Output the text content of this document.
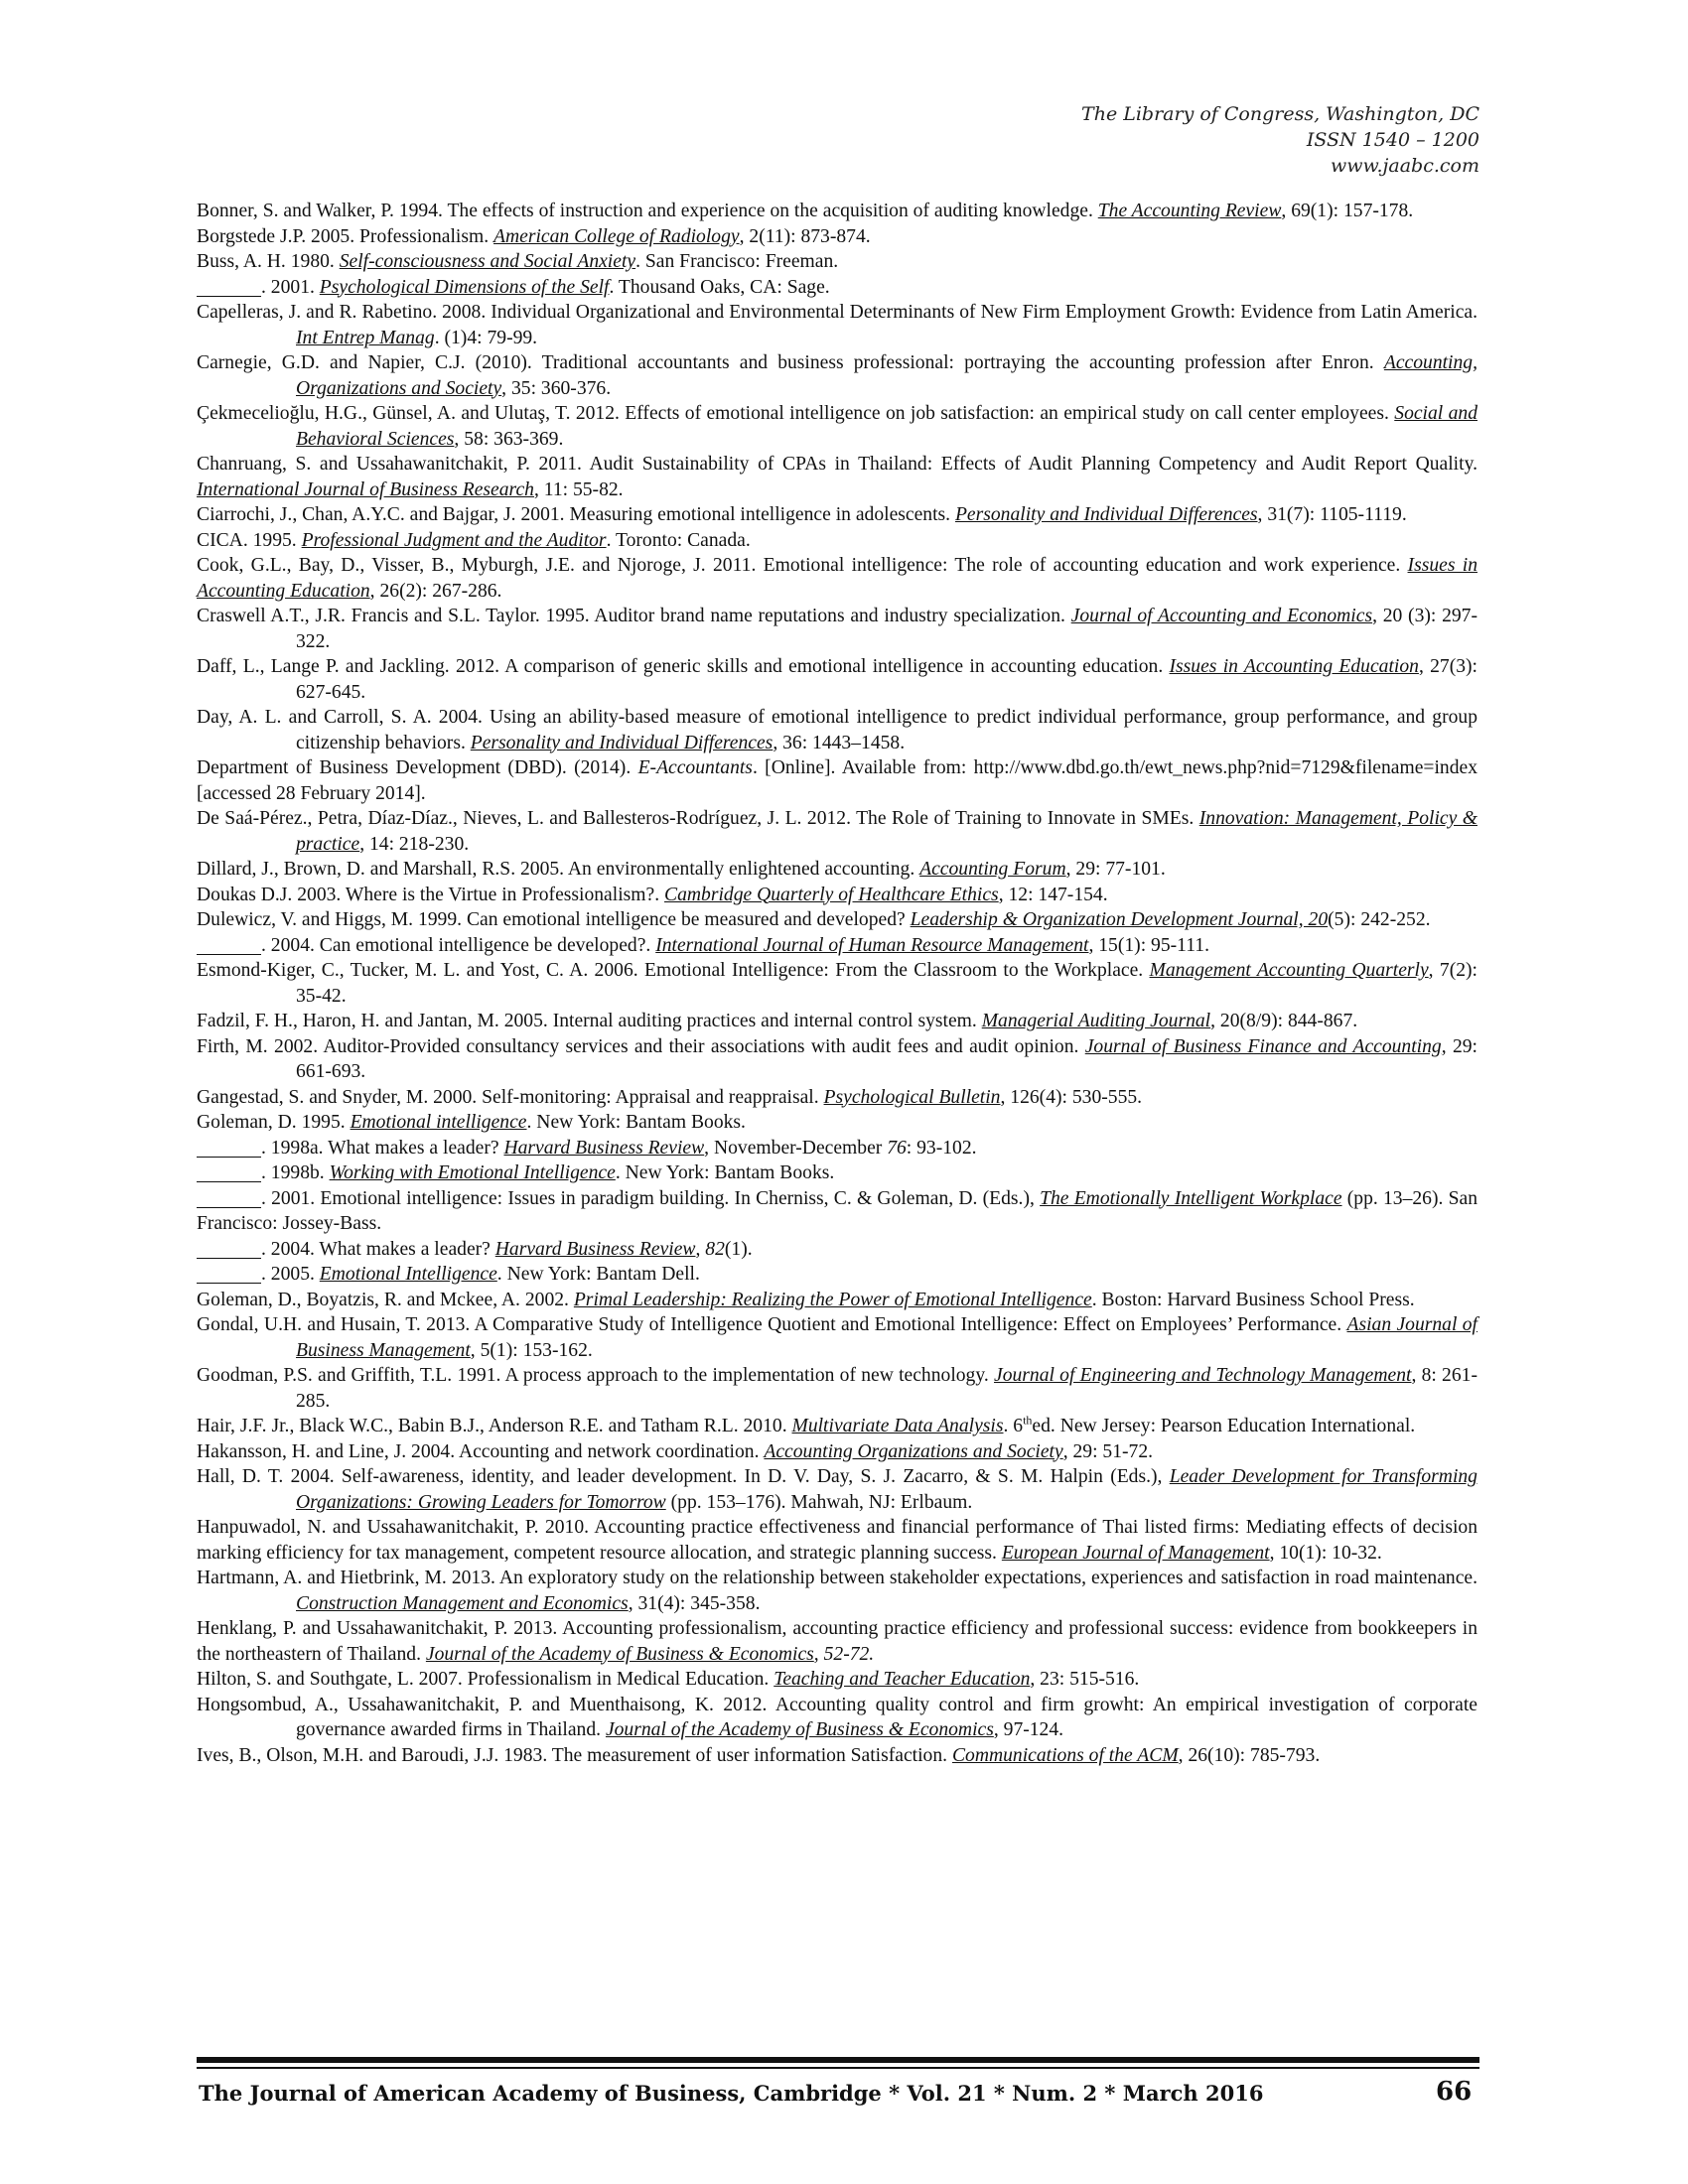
The Library of Congress, Washington, DC
ISSN 1540 – 1200
www.jaabc.com

Bonner, S. and Walker, P. 1994. The effects of instruction and experience on the acquisition of auditing knowledge. The Accounting Review, 69(1): 157-178.

Borgstede J.P. 2005. Professionalism. American College of Radiology, 2(11): 873-874.

Buss, A. H. 1980. Self-consciousness and Social Anxiety. San Francisco: Freeman.

. 2001. Psychological Dimensions of the Self. Thousand Oaks, CA: Sage.

Capelleras, J. and R. Rabetino. 2008. Individual Organizational and Environmental Determinants of New Firm Employment Growth: Evidence from Latin America. Int Entrep Manag. (1)4: 79-99.

Carnegie, G.D. and Napier, C.J. (2010). Traditional accountants and business professional: portraying the accounting profession after Enron. Accounting, Organizations and Society, 35: 360-376.

Çekmecelioğlu, H.G., Günsel, A. and Ulutaş, T. 2012. Effects of emotional intelligence on job satisfaction: an empirical study on call center employees. Social and Behavioral Sciences, 58: 363-369.

Chanruang, S. and Ussahawanitchakit, P. 2011. Audit Sustainability of CPAs in Thailand: Effects of Audit Planning Competency and Audit Report Quality. International Journal of Business Research, 11: 55-82.

Ciarrochi, J., Chan, A.Y.C. and Bajgar, J. 2001. Measuring emotional intelligence in adolescents. Personality and Individual Differences, 31(7): 1105-1119.

CICA. 1995. Professional Judgment and the Auditor. Toronto: Canada.

Cook, G.L., Bay, D., Visser, B., Myburgh, J.E. and Njoroge, J. 2011. Emotional intelligence: The role of accounting education and work experience. Issues in Accounting Education, 26(2): 267-286.

Craswell A.T., J.R. Francis and S.L. Taylor. 1995. Auditor brand name reputations and industry specialization. Journal of Accounting and Economics, 20 (3): 297-322.

Daff, L., Lange P. and Jackling. 2012. A comparison of generic skills and emotional intelligence in accounting education. Issues in Accounting Education, 27(3): 627-645.

Day, A. L. and Carroll, S. A. 2004. Using an ability-based measure of emotional intelligence to predict individual performance, group performance, and group citizenship behaviors. Personality and Individual Differences, 36: 1443–1458.

Department of Business Development (DBD). (2014). E-Accountants. [Online]. Available from: http://www.dbd.go.th/ewt_news.php?nid=7129&filename=index [accessed 28 February 2014].

De Saá-Pérez., Petra, Díaz-Díaz., Nieves, L. and Ballesteros-Rodríguez, J. L. 2012. The Role of Training to Innovate in SMEs. Innovation: Management, Policy & practice, 14: 218-230.

Dillard, J., Brown, D. and Marshall, R.S. 2005. An environmentally enlightened accounting. Accounting Forum, 29: 77-101.

Doukas D.J. 2003. Where is the Virtue in Professionalism?. Cambridge Quarterly of Healthcare Ethics, 12: 147-154.

Dulewicz, V. and Higgs, M. 1999. Can emotional intelligence be measured and developed? Leadership & Organization Development Journal, 20(5): 242-252.

. 2004. Can emotional intelligence be developed?. International Journal of Human Resource Management, 15(1): 95-111.

Esmond-Kiger, C., Tucker, M. L. and Yost, C. A. 2006. Emotional Intelligence: From the Classroom to the Workplace. Management Accounting Quarterly, 7(2): 35-42.

Fadzil, F. H., Haron, H. and Jantan, M. 2005. Internal auditing practices and internal control system. Managerial Auditing Journal, 20(8/9): 844-867.

Firth, M. 2002. Auditor-Provided consultancy services and their associations with audit fees and audit opinion. Journal of Business Finance and Accounting, 29: 661-693.

Gangestad, S. and Snyder, M. 2000. Self-monitoring: Appraisal and reappraisal. Psychological Bulletin, 126(4): 530-555.

Goleman, D. 1995. Emotional intelligence. New York: Bantam Books.

. 1998a. What makes a leader? Harvard Business Review, November-December 76: 93-102.

. 1998b. Working with Emotional Intelligence. New York: Bantam Books.

. 2001. Emotional intelligence: Issues in paradigm building. In Cherniss, C. & Goleman, D. (Eds.), The Emotionally Intelligent Workplace (pp. 13–26). San Francisco: Jossey-Bass.

. 2004. What makes a leader? Harvard Business Review, 82(1).

. 2005. Emotional Intelligence. New York: Bantam Dell.

Goleman, D., Boyatzis, R. and Mckee, A. 2002. Primal Leadership: Realizing the Power of Emotional Intelligence. Boston: Harvard Business School Press.

Gondal, U.H. and Husain, T. 2013. A Comparative Study of Intelligence Quotient and Emotional Intelligence: Effect on Employees’ Performance. Asian Journal of Business Management, 5(1): 153-162.

Goodman, P.S. and Griffith, T.L. 1991. A process approach to the implementation of new technology. Journal of Engineering and Technology Management, 8: 261-285.

Hair, J.F. Jr., Black W.C., Babin B.J., Anderson R.E. and Tatham R.L. 2010. Multivariate Data Analysis. 6thed. New Jersey: Pearson Education International.

Hakansson, H. and Line, J. 2004. Accounting and network coordination. Accounting Organizations and Society, 29: 51-72.

Hall, D. T. 2004. Self-awareness, identity, and leader development. In D. V. Day, S. J. Zacarro, & S. M. Halpin (Eds.), Leader Development for Transforming Organizations: Growing Leaders for Tomorrow (pp. 153–176). Mahwah, NJ: Erlbaum.

Hanpuwadol, N. and Ussahawanitchakit, P. 2010. Accounting practice effectiveness and financial performance of Thai listed firms: Mediating effects of decision marking efficiency for tax management, competent resource allocation, and strategic planning success. European Journal of Management, 10(1): 10-32.

Hartmann, A. and Hietbrink, M. 2013. An exploratory study on the relationship between stakeholder expectations, experiences and satisfaction in road maintenance. Construction Management and Economics, 31(4): 345-358.

Henklang, P. and Ussahawanitchakit, P. 2013. Accounting professionalism, accounting practice efficiency and professional success: evidence from bookkeepers in the northeastern of Thailand. Journal of the Academy of Business & Economics, 52-72.

Hilton, S. and Southgate, L. 2007. Professionalism in Medical Education. Teaching and Teacher Education, 23: 515-516.

Hongsombud, A., Ussahawanitchakit, P. and Muenthaisong, K. 2012. Accounting quality control and firm growht: An empirical investigation of corporate governance awarded firms in Thailand. Journal of the Academy of Business & Economics, 97-124.

Ives, B., Olson, M.H. and Baroudi, J.J. 1983. The measurement of user information Satisfaction. Communications of the ACM, 26(10): 785-793.

The Journal of American Academy of Business, Cambridge * Vol. 21 * Num. 2 * March 2016	66
